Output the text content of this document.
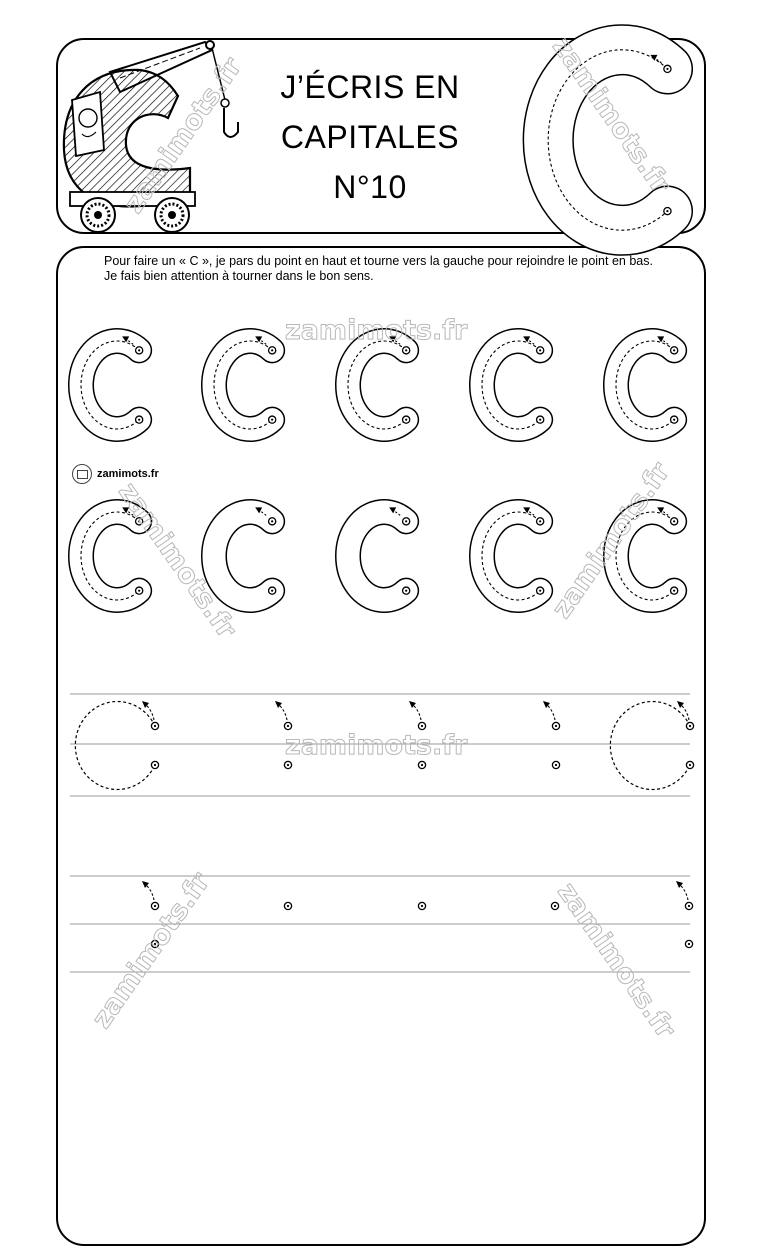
J’ÉCRIS EN
CAPITALES
N°10

Pour faire un « C », je pars du point en haut et tourne vers la gauche pour rejoindre le point en bas.

Je fais bien attention à tourner dans le bon sens.

zamimots.fr
